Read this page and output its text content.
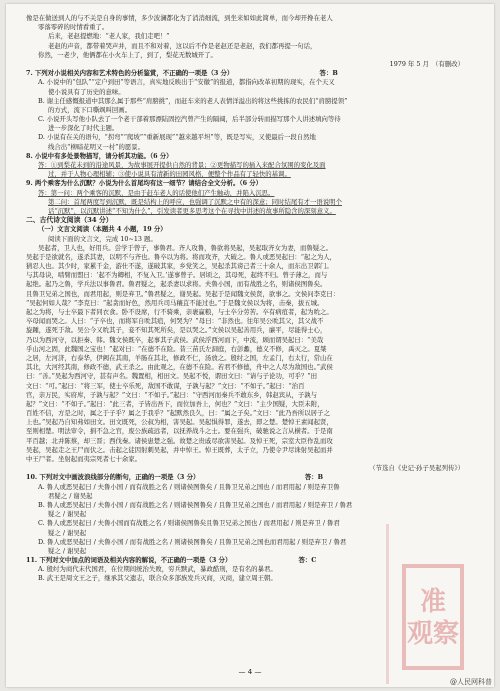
像是在做送到人的与不关是自身的事情，多少波澜都化为了消消细流，到坐来如如此简单，而今却开搀在老人
零落零碎的时情看重了。
后来，老赵提燃地：“老人家，我们走吧！”
老赵的声音，都带着哭声并，而且不和对着，这以后不作是老赵还是老赵，我们都再提一句话，
你然，一老少，他俩都在小火车上了，到了，梨花无数城开了。
1979 年 5 月　（有删改）
7. 下列对小说相关内容和艺术特色的分析鉴赏，不正确的一项是（3 分）　　　　　　　　　　　　　　答：B
A. 小说中的“包队”“定户到田”等语言，真实地反映出于“安徽”的报道，都指向改革初期的现实，在个天又
使小说具有了历史的意味。
B. 谢主任感慨报道中其那么属于那些“肩膀挑”，而赶车来的老人表情洋溢出的将这些挑拣的农民们“肩膀提领”
的方式，流下口嘶飒叫回画。
C. 小说开头写他小队去了一个老干部着那漂陆固控汽曾产生的隔阔，后半部分转而描写那个人讲述填向等待
进一步深化了时代主题。
D. 小说有在关的语句，“拐弯”“爬坡”“重新展现”“越来越平坦”等，既是写实，又使最后一段自然地
线合出“柳暗花明又一村”的愿景。
8. 小说中有多处景物描写，请分析其功能。（6 分）
答：①到梨花未到的沿途风景，为故事展开提供自然的背景；②更物描写的插入来配合氛围的变化及面
过，并于人物心理相辅；③使小说具有清新的田园风格，便整个作品有了轻快的基调。
9. 两个乘客为什么沉默？小说为什么首尾均有这一细节？请结合全文分析。（6 分）
答：第一问：两个乘客的沉默，是由于赶车老人的话使他们产生触动，并陷入沉思。
第二问：首尾两度写到沉默，既是结构上的呼应，也强调了沉默之中有的深意；同时结尾有才一语说明个
话“沉默”，以沉默讲述“不知为什么”，引发读者更多思考这个在寻找中讲述的故事所隐含的深刻意义。
二、古代诗文阅读（34 分）
（一）文言文阅读（本题共 4 小题，19 分）
阅读下面的文言文，完成 10~13 题。
吴起者，卫人也，好用兵。尝学于曾子，事鲁君。齐人攻鲁，鲁欲将吴起，吴起取齐女为妻，而鲁疑之。
吴起于是欲就名，遂杀其妻，以明不与齐也。鲁卒以为将。将而攻齐，大破之。鲁人或恶吴起曰：“起之为人，
猜忍人也。其少时，家累千金，游仕不遂，遂破其家，乡党笑之，吴起杀其谤己者三十余人，而东出卫郭门。
与其母诀，啮臂而盟曰：‘起不为卿相，不复入卫。’遂事曾子。居顷之，其母死，起终不归。曾子薄之，而与
起绝。起乃之鲁，学兵法以事鲁君。鲁君疑之，起杀妻以求将。夫鲁小国，而有战胜之名，则诸侯图鲁矣。
且鲁卫兄弟之国也，而君用起，则是弃卫。”鲁君疑之，谢吴起。吴起于是闻魏文侯贤，欲事之。文侯问李克曰：
“吴起何如人哉？”李克曰：“起贪而好色，然用兵司马穰苴不能过也。”于是魏文侯以为将，击秦，拔五城。
起之为将，与士卒最下者同衣食。卧不设席，行不骑乘，亲裹赢粮，与士卒分劳苦。卒有病疽者，起为吮之。
卒母闻而哭之。人曰：“子卒也，而将军自吮其疽，何哭为？”母曰：“非然也。往年吴公吮其父，其父战不
旋踵，遂死于敌。吴公今又吮其子，妾不知其死所矣，是以哭之。”文侯以吴起善用兵，廉平，尽能得士心，
乃以为西河守，以拒秦、韩。魏文侯既卒，起事其子武侯。武侯浮西河而下，中流，顾而谓吴起曰：“美哉
乎山河之固，此魏国之宝也！”起对曰：“在德不在险。昔三苗氏左洞庭，右彭蠡，德义不修，禹灭之。夏桀
之居，左河济，右泰华，伊阙在其南，羊肠在其北，修政不仁，汤放之。殷纣之国，左孟门，右太行，常山在
其北，大河经其南，修政不德，武王杀之。由此观之，在德不在险。若君不修德，舟中之人尽为敌国也。”武侯
曰：“善。”吴起为西河守，甚有声名。魏置相，相田文。吴起不悦，谓田文曰：“请与子论功，可乎？”田
文曰：“可。”起曰：“将三军，使士卒乐死，敌国不敢谋，子孰与起？”文曰：“不如子。”起曰：“治百
官，亲万民，实府库，子孰与起？”文曰：“不如子。”起曰：“守西河而秦兵不敢东乡，韩赵宾从，子孰与
起？”文曰：“不如子。”起曰：“此三者，子皆出吾下，而位加吾上，何也？”文曰：“主少国疑，大臣未附，
百姓不信，方是之时，属之于子乎？属之于我乎？”起默然良久，曰：“属之子矣。”文曰：“此乃吾所以居子之
上也。”吴起乃自知弗如田文。田文既死，公叔为相，害吴起。吴起惧得罪，遂去，即之楚。楚悼王素闻起贤，
至则相楚。明法审令，捐不急之官，废公族疏远者，以抚养战斗之士。要在强兵，破驰说之言从横者。于是南
平百越；北并陈蔡，却三晋；西伐秦。诸侯患楚之强。故楚之贵戚尽欲害吴起。及悼王死，宗室大臣作乱而攻
吴起，吴起走之王尸而伏之。击起之徒因射刺吴起，并中悼王。悼王既葬，太子立，乃使令尹尽诛射吴起而并
中王尸者。坐射起而夷宗死者七十余家。
（节选自《史记·孙子吴起列传》）
10. 下列对文中画波浪线部分的断句，正确的一项是（3 分）　　　　　　　　　　　　　　　　　答：B
A. 鲁人或恶吴起曰 / 夫鲁小国 / 而有战胜之名 / 则诸侯图鲁矣 / 且鲁卫兄弟之国也 / 而君用起 / 则是弃卫鲁
君疑之 / 谢吴起
B. 鲁人或恶吴起曰 / 夫鲁小国 / 而有战胜之名 / 则诸侯图鲁矣 / 且鲁卫兄弟之国也 / 而君用起 / 则是弃卫 / 鲁君
疑之 / 谢吴起
C. 鲁人或恶吴起曰 / 夫鲁小国而有战胜之名 / 则诸侯图鲁矣且鲁卫兄弟之国也 / 而君用起 / 则是弃卫 / 鲁君
疑之 / 谢吴起
D. 鲁人或恶吴起曰 / 夫鲁小国 / 而有战胜之名 / 则诸侯图鲁矣 / 且鲁卫兄弟之国也而君用起 / 则是弃卫 / 鲁君
疑之 / 谢吴起
11. 下列对文中加点的词语及相关内容的解说，不正确的一项是（3 分）　　　　　　　　　　　答：C
A. 殷纣为商代末代国君，在位期间统治失败，穷兵黩武，暴政酷刑，是有名的暴君。
B. 武王是周文王之子，继承其父遗志，联合众多部族发兵灭商，灭商，建立周王朝。
准
观察
— 4 —
@人民网科普
